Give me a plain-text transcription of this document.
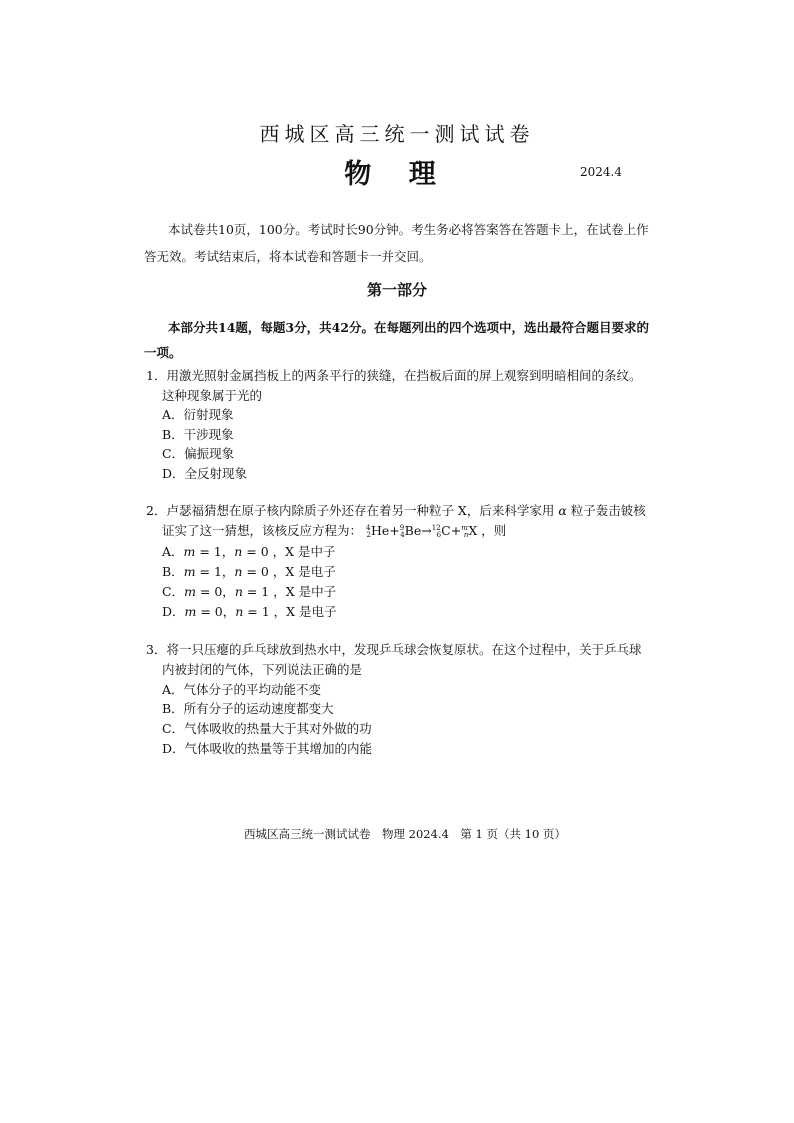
西城区高三统一测试试卷
物 理	2024.4
本试卷共10页，100分。考试时长90分钟。考生务必将答案答在答题卡上，在试卷上作
答无效。考试结束后，将本试卷和答题卡一并交回。
第一部分
本部分共14题，每题3分，共42分。在每题列出的四个选项中，选出最符合题目要求的
一项。
1．用激光照射金属挡板上的两条平行的狭缝，在挡板后面的屏上观察到明暗相间的条纹。
这种现象属于光的
A．衍射现象
B．干涉现象
C．偏振现象
D．全反射现象
2．卢瑟福猜想在原子核内除质子外还存在着另一种粒子 X，后来科学家用 α 粒子轰击铍核
证实了这一猜想，该核反应方程为： $^4_2$He+$^9_4$Be→$^{12}_6$C+$^m_n$X ，则
A．m = 1，n = 0 ，X 是中子
B．m = 1，n = 0 ，X 是电子
C．m = 0，n = 1 ，X 是中子
D．m = 0，n = 1 ，X 是电子
3．将一只压瘪的乒乓球放到热水中，发现乒乓球会恢复原状。在这个过程中，关于乒乓球
内被封闭的气体，下列说法正确的是
A．气体分子的平均动能不变
B．所有分子的运动速度都变大
C．气体吸收的热量大于其对外做的功
D．气体吸收的热量等于其增加的内能
西城区高三统一测试试卷　物理 2024.4　第 1 页（共 10 页）
